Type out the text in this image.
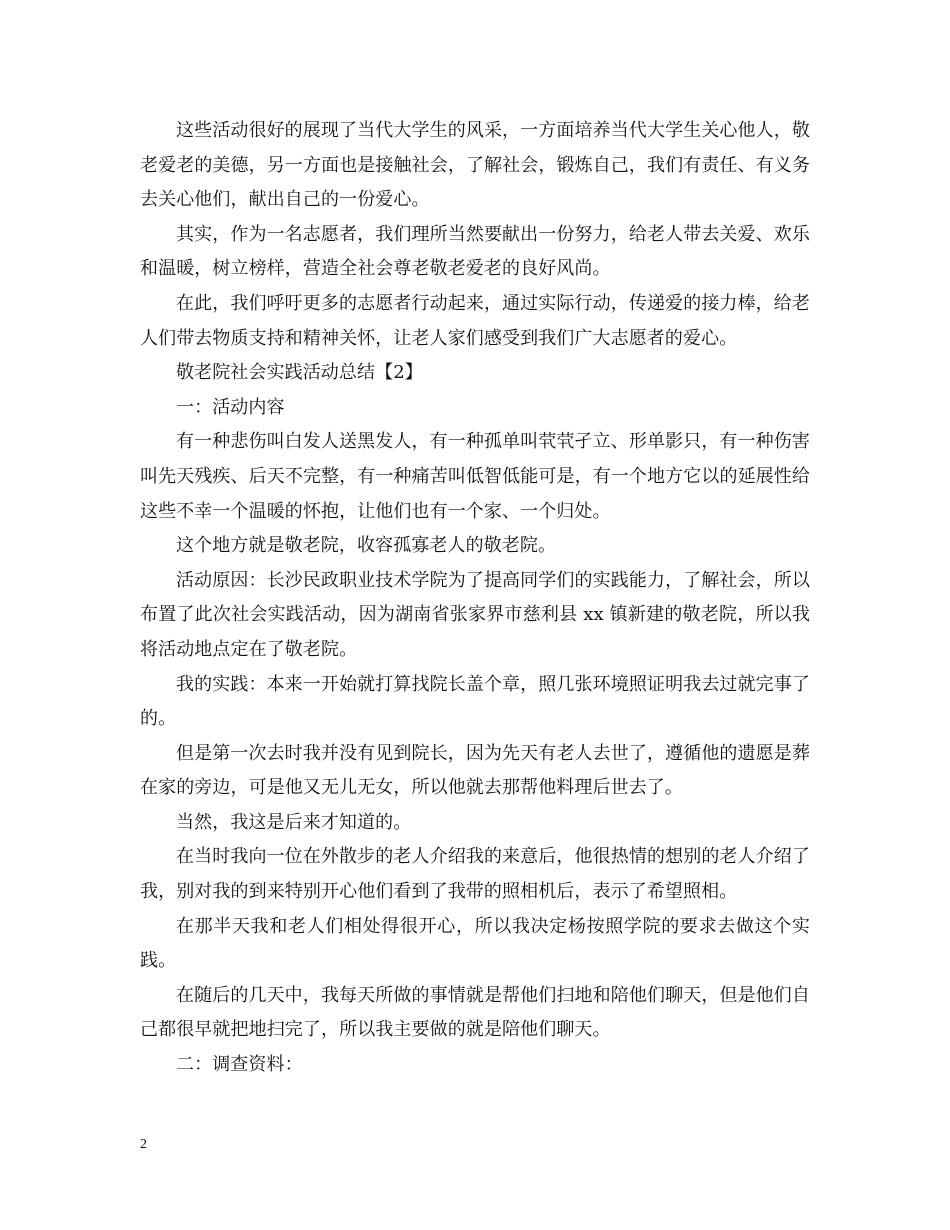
这些活动很好的展现了当代大学生的风采，一方面培养当代大学生关心他人，敬老爱老的美德，另一方面也是接触社会，了解社会，锻炼自己，我们有责任、有义务去关心他们，献出自己的一份爱心。

其实，作为一名志愿者，我们理所当然要献出一份努力，给老人带去关爱、欢乐和温暖，树立榜样，营造全社会尊老敬老爱老的良好风尚。

在此，我们呼吁更多的志愿者行动起来，通过实际行动，传递爱的接力棒，给老人们带去物质支持和精神关怀，让老人家们感受到我们广大志愿者的爱心。

敬老院社会实践活动总结【2】

一：活动内容

有一种悲伤叫白发人送黑发人，有一种孤单叫茕茕孑立、形单影只，有一种伤害叫先天残疾、后天不完整，有一种痛苦叫低智低能可是，有一个地方它以的延展性给这些不幸一个温暖的怀抱，让他们也有一个家、一个归处。

这个地方就是敬老院，收容孤寡老人的敬老院。

活动原因：长沙民政职业技术学院为了提高同学们的实践能力，了解社会，所以布置了此次社会实践活动，因为湖南省张家界市慈利县 xx 镇新建的敬老院，所以我将活动地点定在了敬老院。

我的实践：本来一开始就打算找院长盖个章，照几张环境照证明我去过就完事了的。

但是第一次去时我并没有见到院长，因为先天有老人去世了，遵循他的遗愿是葬在家的旁边，可是他又无儿无女，所以他就去那帮他料理后世去了。

当然，我这是后来才知道的。

在当时我向一位在外散步的老人介绍我的来意后，他很热情的想别的老人介绍了我，别对我的到来特别开心他们看到了我带的照相机后，表示了希望照相。

在那半天我和老人们相处得很开心，所以我决定杨按照学院的要求去做这个实践。

在随后的几天中，我每天所做的事情就是帮他们扫地和陪他们聊天，但是他们自己都很早就把地扫完了，所以我主要做的就是陪他们聊天。

二：调查资料：

2
